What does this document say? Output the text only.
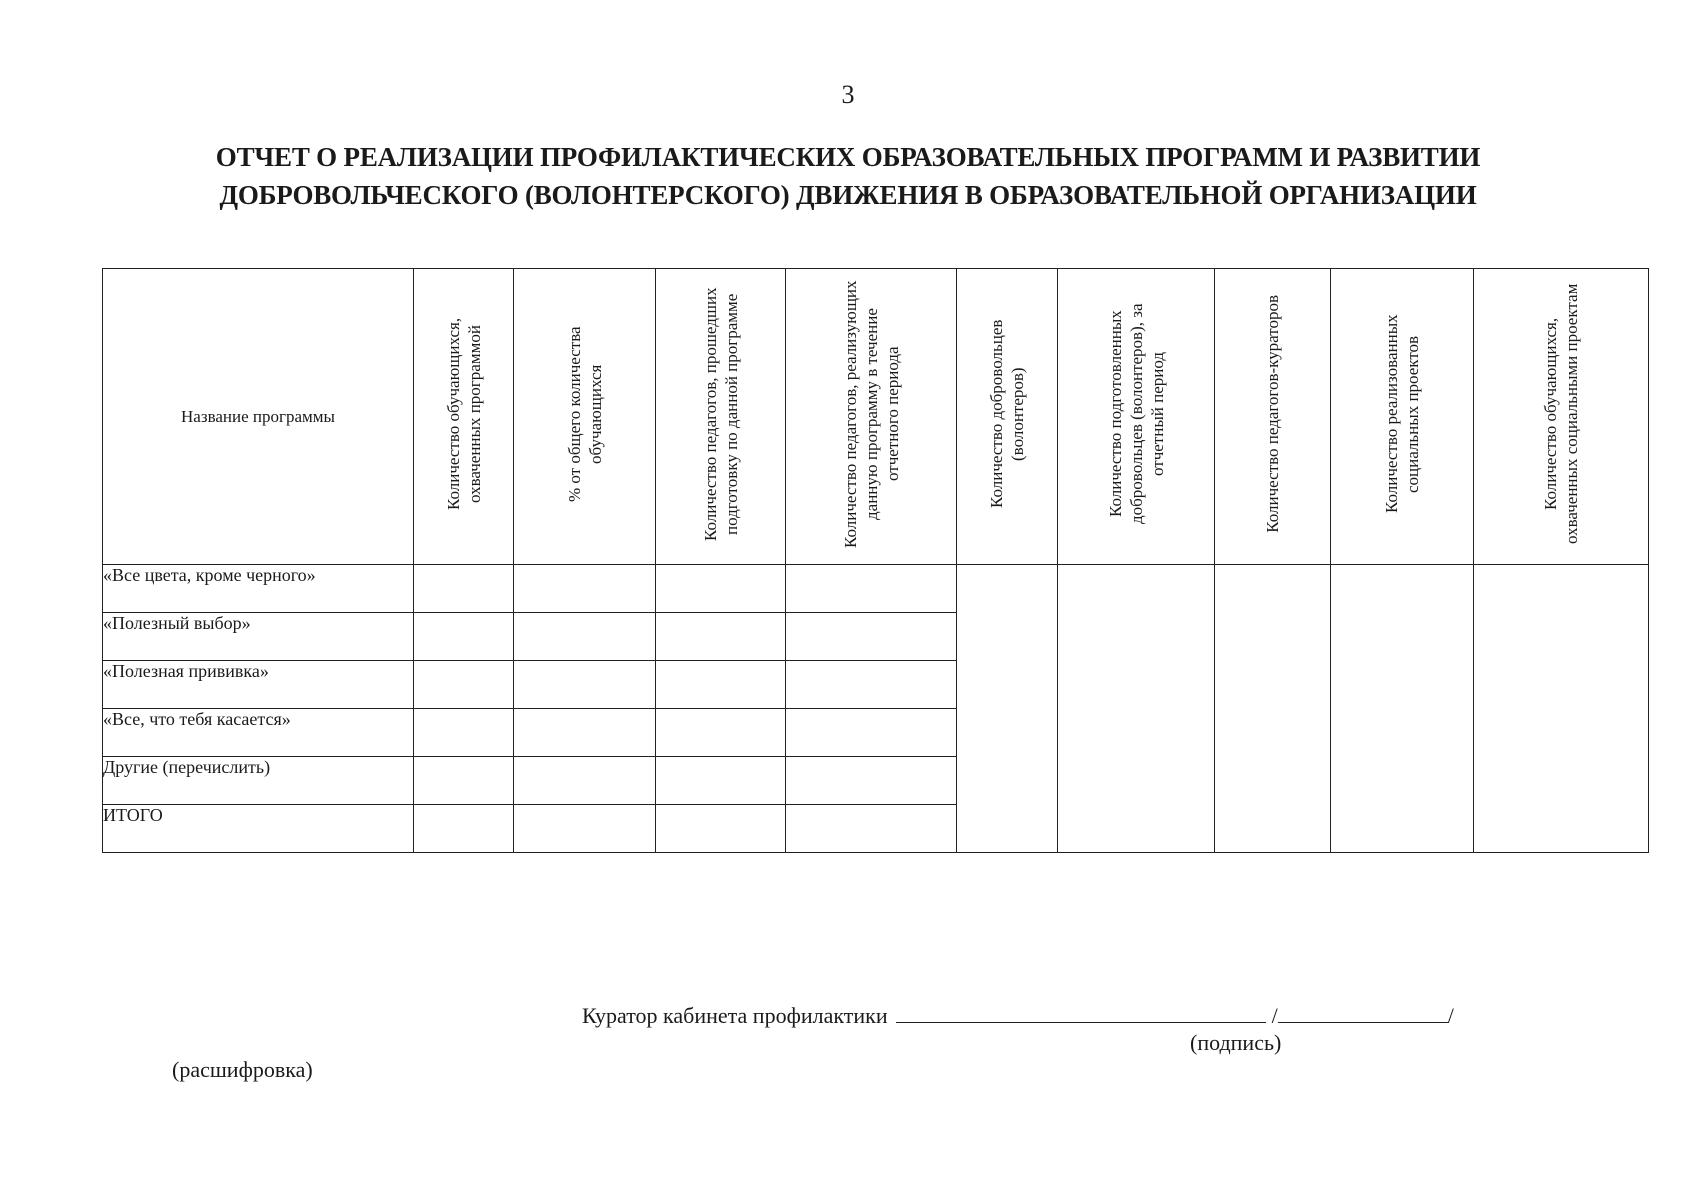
3
ОТЧЕТ О РЕАЛИЗАЦИИ ПРОФИЛАКТИЧЕСКИХ ОБРАЗОВАТЕЛЬНЫХ ПРОГРАММ И РАЗВИТИИ
ДОБРОВОЛЬЧЕСКОГО (ВОЛОНТЕРСКОГО) ДВИЖЕНИЯ В ОБРАЗОВАТЕЛЬНОЙ ОРГАНИЗАЦИИ
Название программы	Количество обучающихся, охваченных программой	% от общего количества обучающихся	Количество педагогов, прошедших подготовку по данной программе	Количество педагогов, реализующих данную программу в течение отчетного периода	Количество добровольцев (волонтеров)	Количество подготовленных добровольцев (волонтеров), за отчетный период	Количество педагогов-кураторов	Количество реализованных социальных проектов	Количество обучающихся, охваченных социальными проектам
«Все цвета, кроме черного»									
«Полезный выбор»									
«Полезная прививка»									
«Все, что тебя касается»									
Другие (перечислить)									
ИТОГО									
Куратор кабинета профилактики	/	/
(подпись)
(расшифровка)
